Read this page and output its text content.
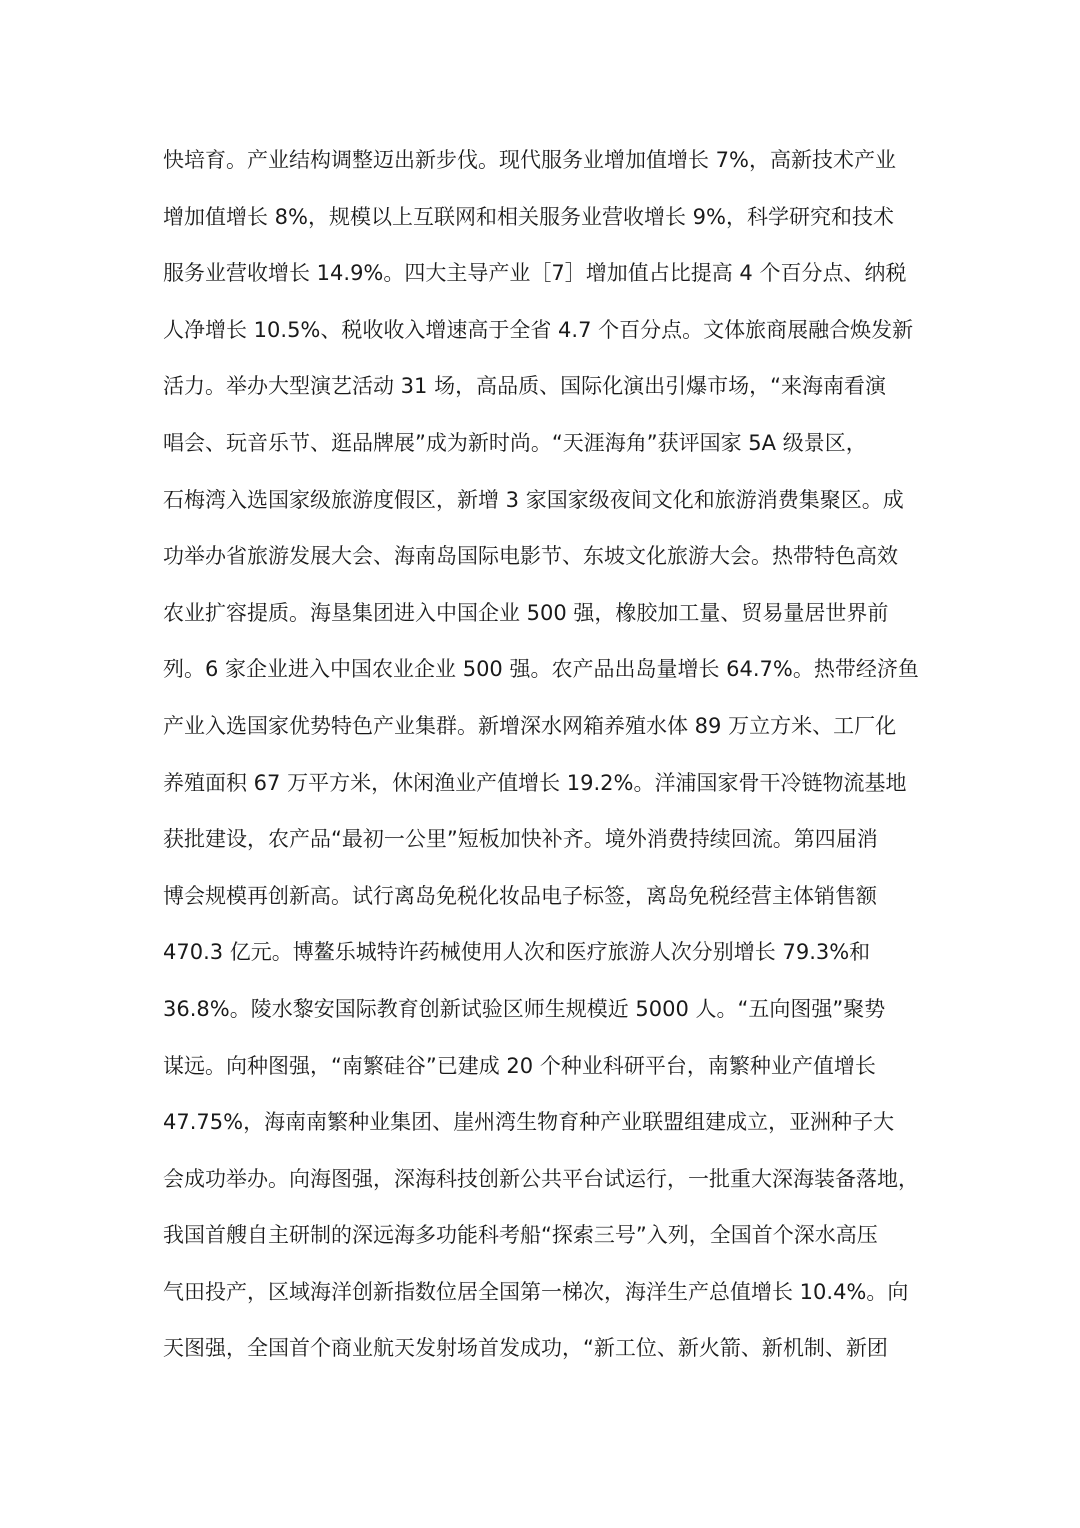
快培育。产业结构调整迈出新步伐。现代服务业增加值增长 7%，高新技术产业
增加值增长 8%，规模以上互联网和相关服务业营收增长 9%，科学研究和技术
服务业营收增长 14.9%。四大主导产业［7］增加值占比提高 4 个百分点、纳税
人净增长 10.5%、税收收入增速高于全省 4.7 个百分点。文体旅商展融合焕发新
活力。举办大型演艺活动 31 场，高品质、国际化演出引爆市场，“来海南看演
唱会、玩音乐节、逛品牌展”成为新时尚。“天涯海角”获评国家 5A 级景区，
石梅湾入选国家级旅游度假区，新增 3 家国家级夜间文化和旅游消费集聚区。成
功举办省旅游发展大会、海南岛国际电影节、东坡文化旅游大会。热带特色高效
农业扩容提质。海垦集团进入中国企业 500 强，橡胶加工量、贸易量居世界前
列。6 家企业进入中国农业企业 500 强。农产品出岛量增长 64.7%。热带经济鱼
产业入选国家优势特色产业集群。新增深水网箱养殖水体 89 万立方米、工厂化
养殖面积 67 万平方米，休闲渔业产值增长 19.2%。洋浦国家骨干冷链物流基地
获批建设，农产品“最初一公里”短板加快补齐。境外消费持续回流。第四届消
博会规模再创新高。试行离岛免税化妆品电子标签，离岛免税经营主体销售额
470.3 亿元。博鳌乐城特许药械使用人次和医疗旅游人次分别增长 79.3%和
36.8%。陵水黎安国际教育创新试验区师生规模近 5000 人。“五向图强”聚势
谋远。向种图强，“南繁硅谷”已建成 20 个种业科研平台，南繁种业产值增长
47.75%，海南南繁种业集团、崖州湾生物育种产业联盟组建成立，亚洲种子大
会成功举办。向海图强，深海科技创新公共平台试运行，一批重大深海装备落地，
我国首艘自主研制的深远海多功能科考船“探索三号”入列，全国首个深水高压
气田投产，区域海洋创新指数位居全国第一梯次，海洋生产总值增长 10.4%。向
天图强，全国首个商业航天发射场首发成功，“新工位、新火箭、新机制、新团
